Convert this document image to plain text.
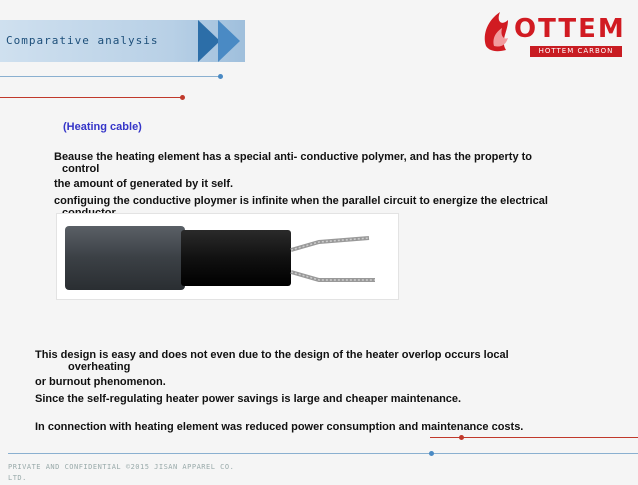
Comparative analysis	OTTEM
HOTTEM CARBON
(Heating cable)
Beause the heating element has a special anti- conductive polymer, and has the property to
control
the amount of generated by it self.
configuing the conductive ploymer is infinite when the parallel circuit to energize the electrical
This design is easy and does not even due to the design of the heater overlop occurs local
overheating
or burnout phenomenon.
Since the self-regulating heater power savings is large and cheaper maintenance.
In connection with heating element was reduced power consumption and maintenance costs.
PRIVATE AND CONFIDENTIAL ©2015 JISAN APPAREL CO.
LTD.
